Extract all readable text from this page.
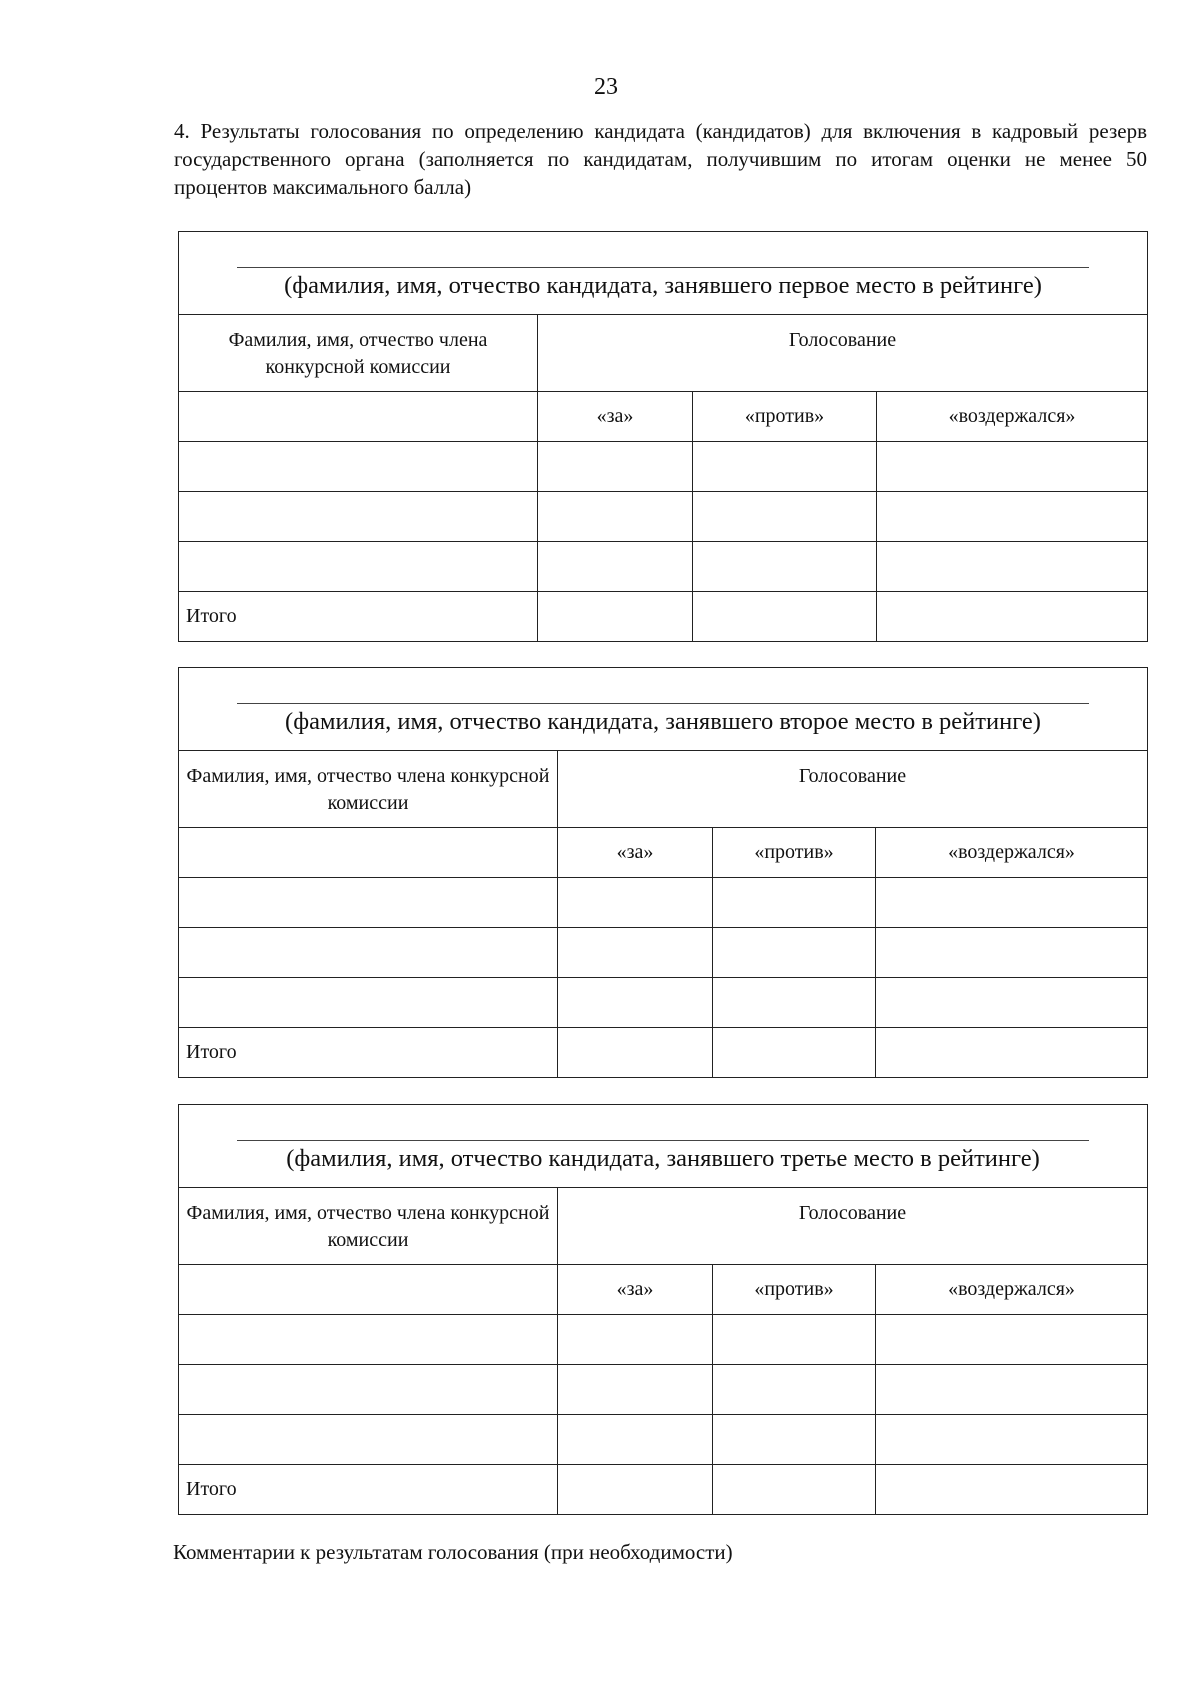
23

4. Результаты голосования по определению кандидата (кандидатов) для включения в кадровый резерв государственного органа (заполняется по кандидатам, получившим по итогам оценки не менее 50 процентов максимального балла)

(фамилия, имя, отчество кандидата, занявшего первое место в рейтинге)			

Фамилия, имя, отчество члена конкурсной комиссии	Голосование		
	«за»	«против»	«воздержался»

Итого			
(фамилия, имя, отчество кандидата, занявшего второе место в рейтинге)			

Фамилия, имя, отчество члена конкурсной комиссии	Голосование		
	«за»	«против»	«воздержался»

Итого			
(фамилия, имя, отчество кандидата, занявшего третье место в рейтинге)			

Фамилия, имя, отчество члена конкурсной комиссии	Голосование		
	«за»	«против»	«воздержался»

Итого			

Комментарии к результатам голосования (при необходимости)
